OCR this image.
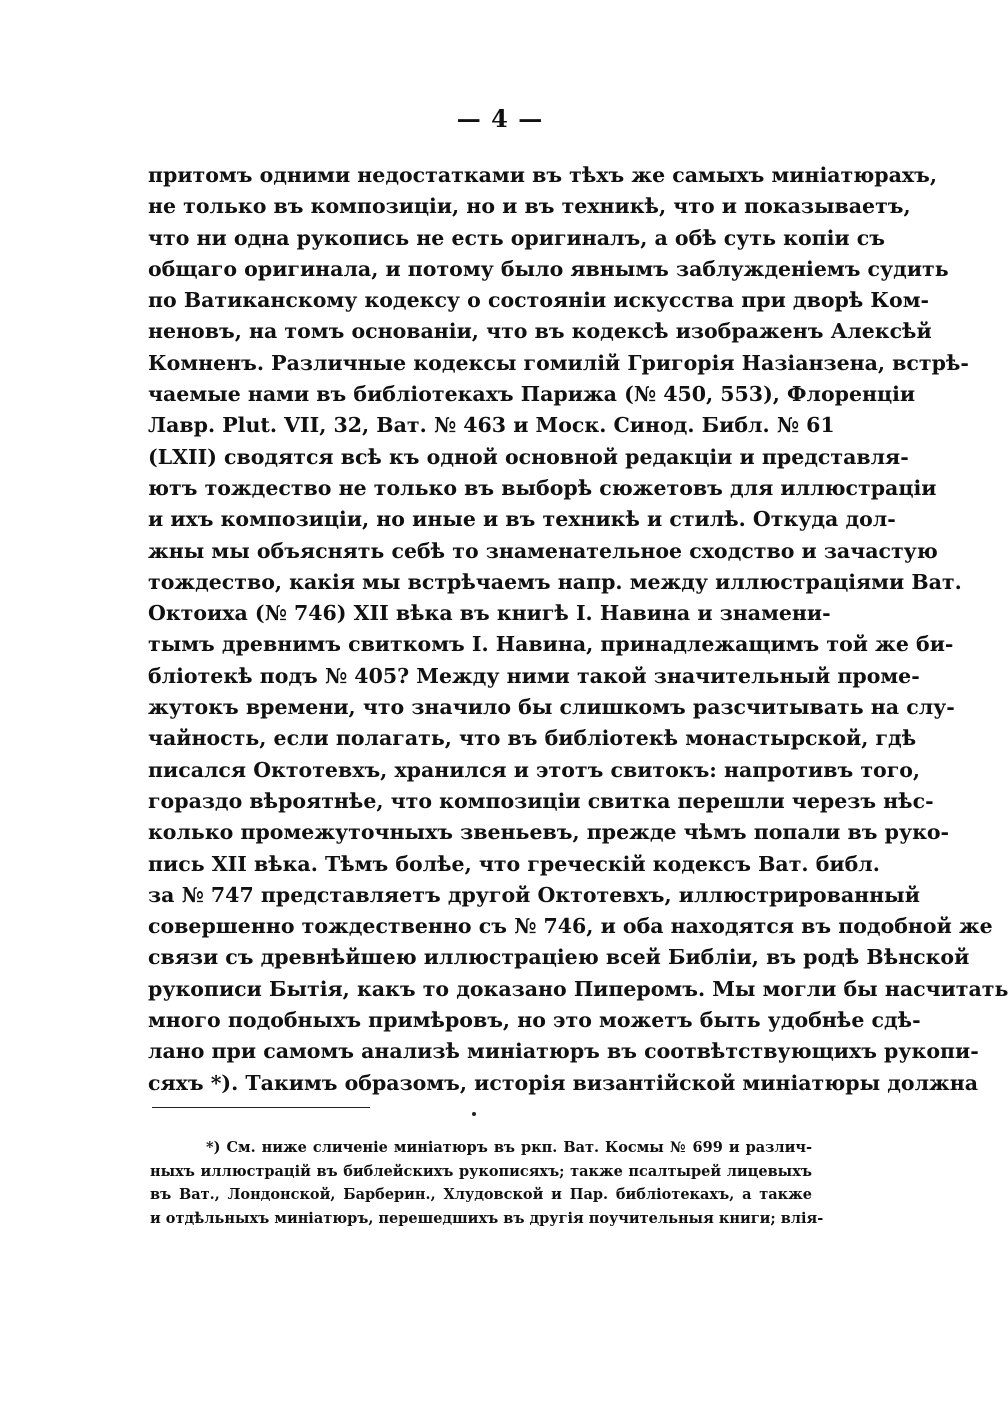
— 4 —
притомъ одними недостатками въ тѣхъ же самыхъ миніатюрахъ,
не только въ композиціи, но и въ техникѣ, что и показываетъ,
что ни одна рукопись не есть оригиналъ, а обѣ суть копіи съ
общаго оригинала, и потому было явнымъ заблужденіемъ судить
по Ватиканскому кодексу о состояніи искусства при дворѣ Ком-
неновъ, на томъ основаніи, что въ кодексѣ изображенъ Алексѣй
Комненъ. Различные кодексы гомилій Григорія Назіанзена, встрѣ-
чаемые нами въ библіотекахъ Парижа (№ 450, 553), Флоренціи
Лавр. Plut. VII, 32, Ват. № 463 и Моск. Синод. Библ. № 61
(LXII) сводятся всѣ къ одной основной редакціи и представля-
ютъ тождество не только въ выборѣ сюжетовъ для иллюстраціи
и ихъ композиціи, но иные и въ техникѣ и стилѣ. Откуда дол-
жны мы объяснять себѣ то знаменательное сходство и зачастую
тождество, какія мы встрѣчаемъ напр. между иллюстраціями Ват.
Октоиха (№ 746) XII вѣка въ книгѣ І. Навина и знамени-
тымъ древнимъ свиткомъ І. Навина, принадлежащимъ той же би-
бліотекѣ подъ № 405? Между ними такой значительный проме-
жутокъ времени, что значило бы слишкомъ разсчитывать на слу-
чайность, если полагать, что въ библіотекѣ монастырской, гдѣ
писался Октотевхъ, хранился и этотъ свитокъ: напротивъ того,
гораздо вѣроятнѣе, что композиціи свитка перешли черезъ нѣс-
колько промежуточныхъ звеньевъ, прежде чѣмъ попали въ руко-
пись XII вѣка. Тѣмъ болѣе, что греческій кодексъ Ват. библ.
за № 747 представляетъ другой Октотевхъ, иллюстрированный
совершенно тождественно съ № 746, и оба находятся въ подобной же
связи съ древнѣйшею иллюстраціею всей Библіи, въ родѣ Вѣнской
рукописи Бытія, какъ то доказано Пиперомъ. Мы могли бы насчитать
много подобныхъ примѣровъ, но это можетъ быть удобнѣе сдѣ-
лано при самомъ анализѣ миніатюръ въ соотвѣтствующихъ рукопи-
сяхъ *). Такимъ образомъ, исторія византійской миніатюры должна
*) См. ниже сличеніе миніатюръ въ ркп. Ват. Космы № 699 и различ-
ныхъ иллюстрацій въ библейскихъ рукописяхъ; также псалтырей лицевыхъ
въ Ват., Лондонской, Барберин., Хлудовской и Пар. библіотекахъ, а также
и отдѣльныхъ миніатюръ, перешедшихъ въ другія поучительныя книги; влія-
